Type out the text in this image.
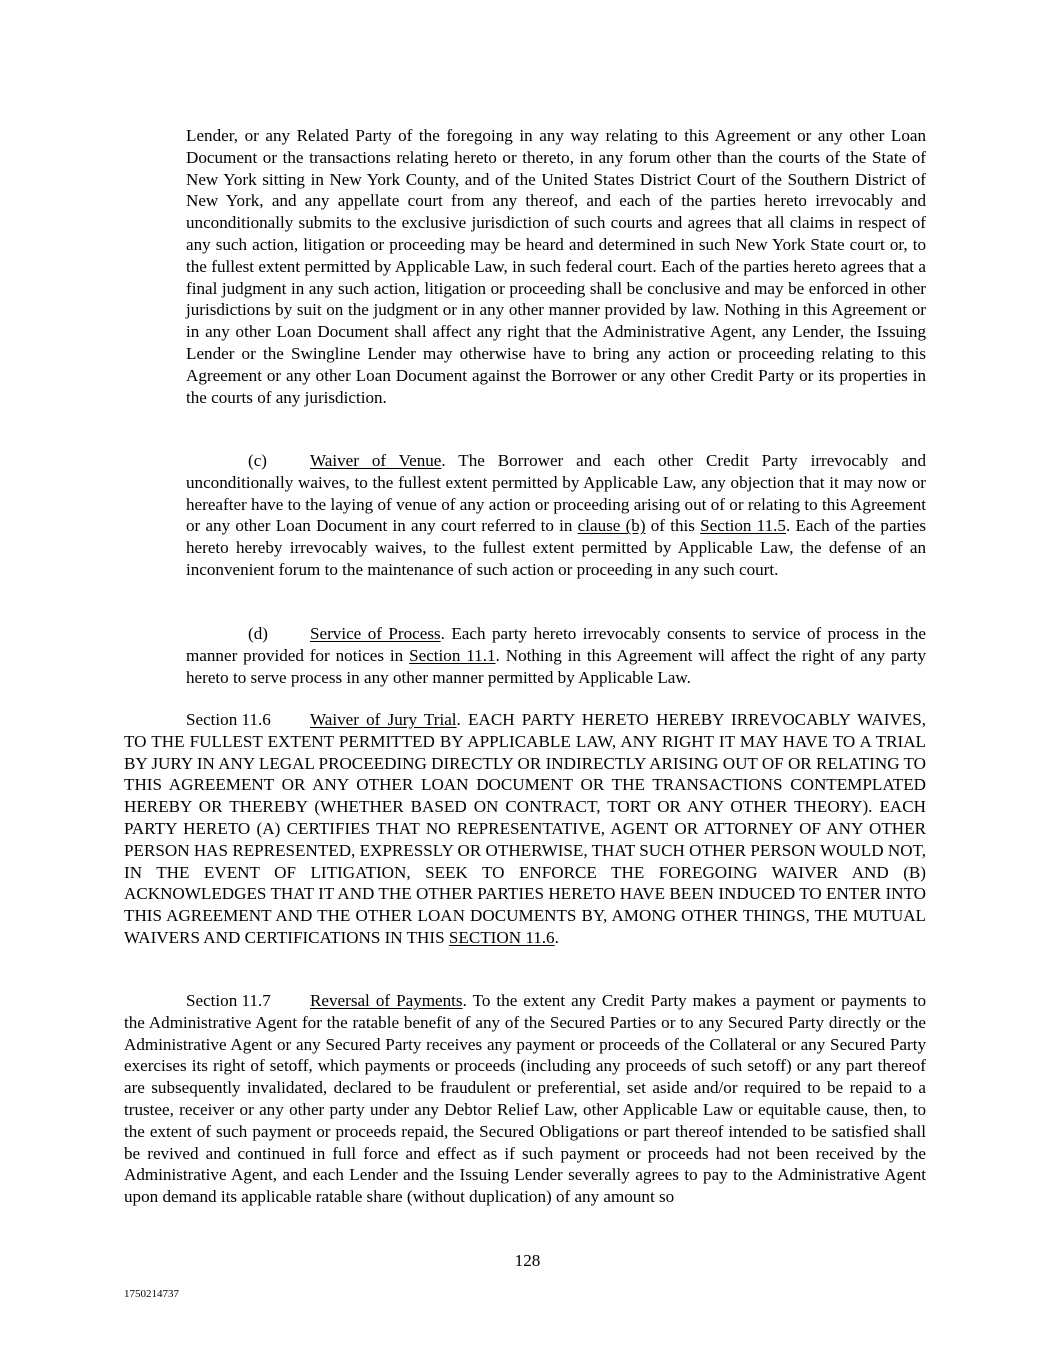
Lender, or any Related Party of the foregoing in any way relating to this Agreement or any other Loan Document or the transactions relating hereto or thereto, in any forum other than the courts of the State of New York sitting in New York County, and of the United States District Court of the Southern District of New York, and any appellate court from any thereof, and each of the parties hereto irrevocably and unconditionally submits to the exclusive jurisdiction of such courts and agrees that all claims in respect of any such action, litigation or proceeding may be heard and determined in such New York State court or, to the fullest extent permitted by Applicable Law, in such federal court. Each of the parties hereto agrees that a final judgment in any such action, litigation or proceeding shall be conclusive and may be enforced in other jurisdictions by suit on the judgment or in any other manner provided by law. Nothing in this Agreement or in any other Loan Document shall affect any right that the Administrative Agent, any Lender, the Issuing Lender or the Swingline Lender may otherwise have to bring any action or proceeding relating to this Agreement or any other Loan Document against the Borrower or any other Credit Party or its properties in the courts of any jurisdiction.

(c)	Waiver of Venue. The Borrower and each other Credit Party irrevocably and unconditionally waives, to the fullest extent permitted by Applicable Law, any objection that it may now or hereafter have to the laying of venue of any action or proceeding arising out of or relating to this Agreement or any other Loan Document in any court referred to in clause (b) of this Section 11.5. Each of the parties hereto hereby irrevocably waives, to the fullest extent permitted by Applicable Law, the defense of an inconvenient forum to the maintenance of such action or proceeding in any such court.

(d) Service of Process. Each party hereto irrevocably consents to service of process in the manner provided for notices in Section 11.1. Nothing in this Agreement will affect the right of any party hereto to serve process in any other manner permitted by Applicable Law.

Section 11.6 Waiver of Jury Trial. EACH PARTY HERETO HEREBY IRREVOCABLY WAIVES, TO THE FULLEST EXTENT PERMITTED BY APPLICABLE LAW, ANY RIGHT IT MAY HAVE TO A TRIAL BY JURY IN ANY LEGAL PROCEEDING DIRECTLY OR INDIRECTLY ARISING OUT OF OR RELATING TO THIS AGREEMENT OR ANY OTHER LOAN DOCUMENT OR THE TRANSACTIONS CONTEMPLATED HEREBY OR THEREBY (WHETHER BASED ON CONTRACT, TORT OR ANY OTHER THEORY). EACH PARTY HERETO (A) CERTIFIES THAT NO REPRESENTATIVE, AGENT OR ATTORNEY OF ANY OTHER PERSON HAS REPRESENTED, EXPRESSLY OR OTHERWISE, THAT SUCH OTHER PERSON WOULD NOT, IN THE EVENT OF LITIGATION, SEEK TO ENFORCE THE FOREGOING WAIVER AND (B) ACKNOWLEDGES THAT IT AND THE OTHER PARTIES HERETO HAVE BEEN INDUCED TO ENTER INTO THIS AGREEMENT AND THE OTHER LOAN DOCUMENTS BY, AMONG OTHER THINGS, THE MUTUAL WAIVERS AND CERTIFICATIONS IN THIS SECTION 11.6.

Section 11.7 Reversal of Payments. To the extent any Credit Party makes a payment or payments to the Administrative Agent for the ratable benefit of any of the Secured Parties or to any Secured Party directly or the Administrative Agent or any Secured Party receives any payment or proceeds of the Collateral or any Secured Party exercises its right of setoff, which payments or proceeds (including any proceeds of such setoff) or any part thereof are subsequently invalidated, declared to be fraudulent or preferential, set aside and/or required to be repaid to a trustee, receiver or any other party under any Debtor Relief Law, other Applicable Law or equitable cause, then, to the extent of such payment or proceeds repaid, the Secured Obligations or part thereof intended to be satisfied shall be revived and continued in full force and effect as if such payment or proceeds had not been received by the Administrative Agent, and each Lender and the Issuing Lender severally agrees to pay to the Administrative Agent upon demand its applicable ratable share (without duplication) of any amount so

128
1750214737
